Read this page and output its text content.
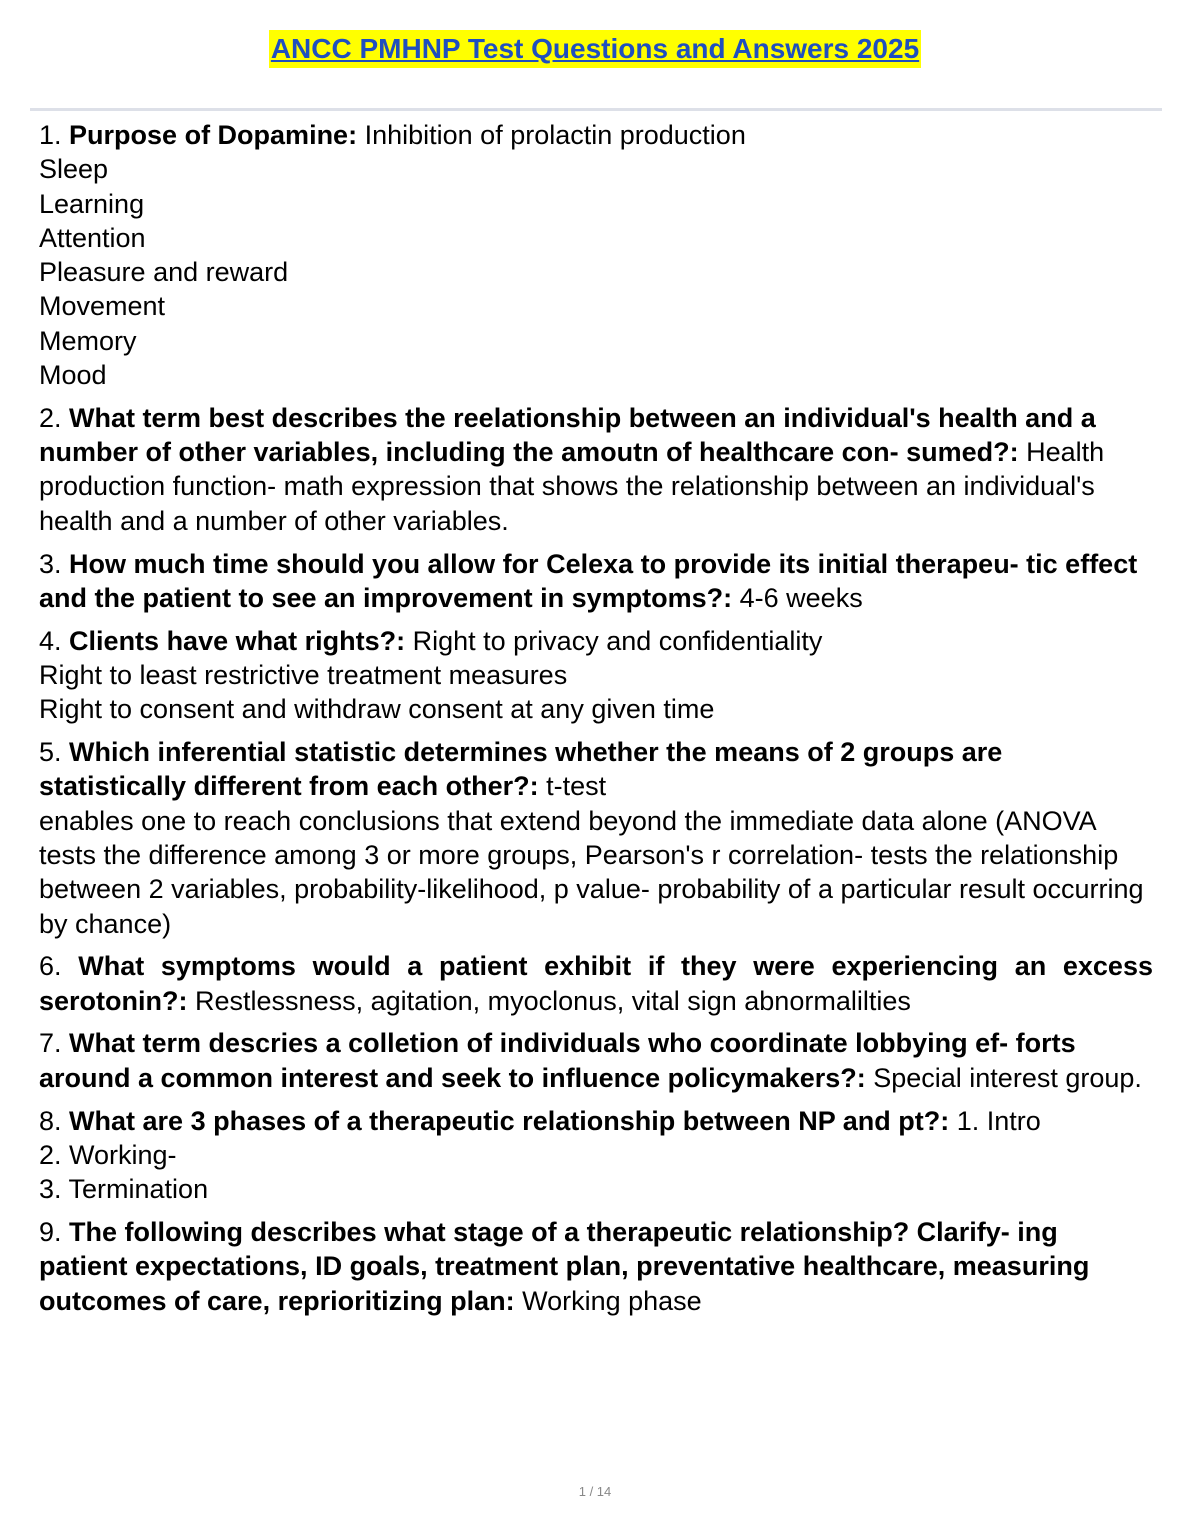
ANCC PMHNP Test Questions and Answers 2025
1. Purpose of Dopamine: Inhibition of prolactin production
Sleep
Learning
Attention
Pleasure and reward
Movement
Memory
Mood
2. What term best describes the reelationship between an individual's health and a number of other variables, including the amoutn of healthcare con- sumed?: Health production function- math expression that shows the relationship between an individual's health and a number of other variables.
3. How much time should you allow for Celexa to provide its initial therapeu- tic effect and the patient to see an improvement in symptoms?: 4-6 weeks
4. Clients have what rights?: Right to privacy and confidentiality
Right to least restrictive treatment measures
Right to consent and withdraw consent at any given time
5. Which inferential statistic determines whether the means of 2 groups are statistically different from each other?: t-test
enables one to reach conclusions that extend beyond the immediate data alone (ANOVA tests the difference among 3 or more groups, Pearson's r correlation- tests the relationship between 2 variables, probability-likelihood, p value- probability of a particular result occurring by chance)
6. What symptoms would a patient exhibit if they were experiencing an excess serotonin?: Restlessness, agitation, myoclonus, vital sign abnormalilties
7. What term descries a colletion of individuals who coordinate lobbying ef- forts around a common interest and seek to influence policymakers?: Special interest group.
8. What are 3 phases of a therapeutic relationship between NP and pt?: 1. Intro
2. Working-
3. Termination
9. The following describes what stage of a therapeutic relationship? Clarify- ing patient expectations, ID goals, treatment plan, preventative healthcare, measuring outcomes of care, reprioritizing plan: Working phase
1 / 14
